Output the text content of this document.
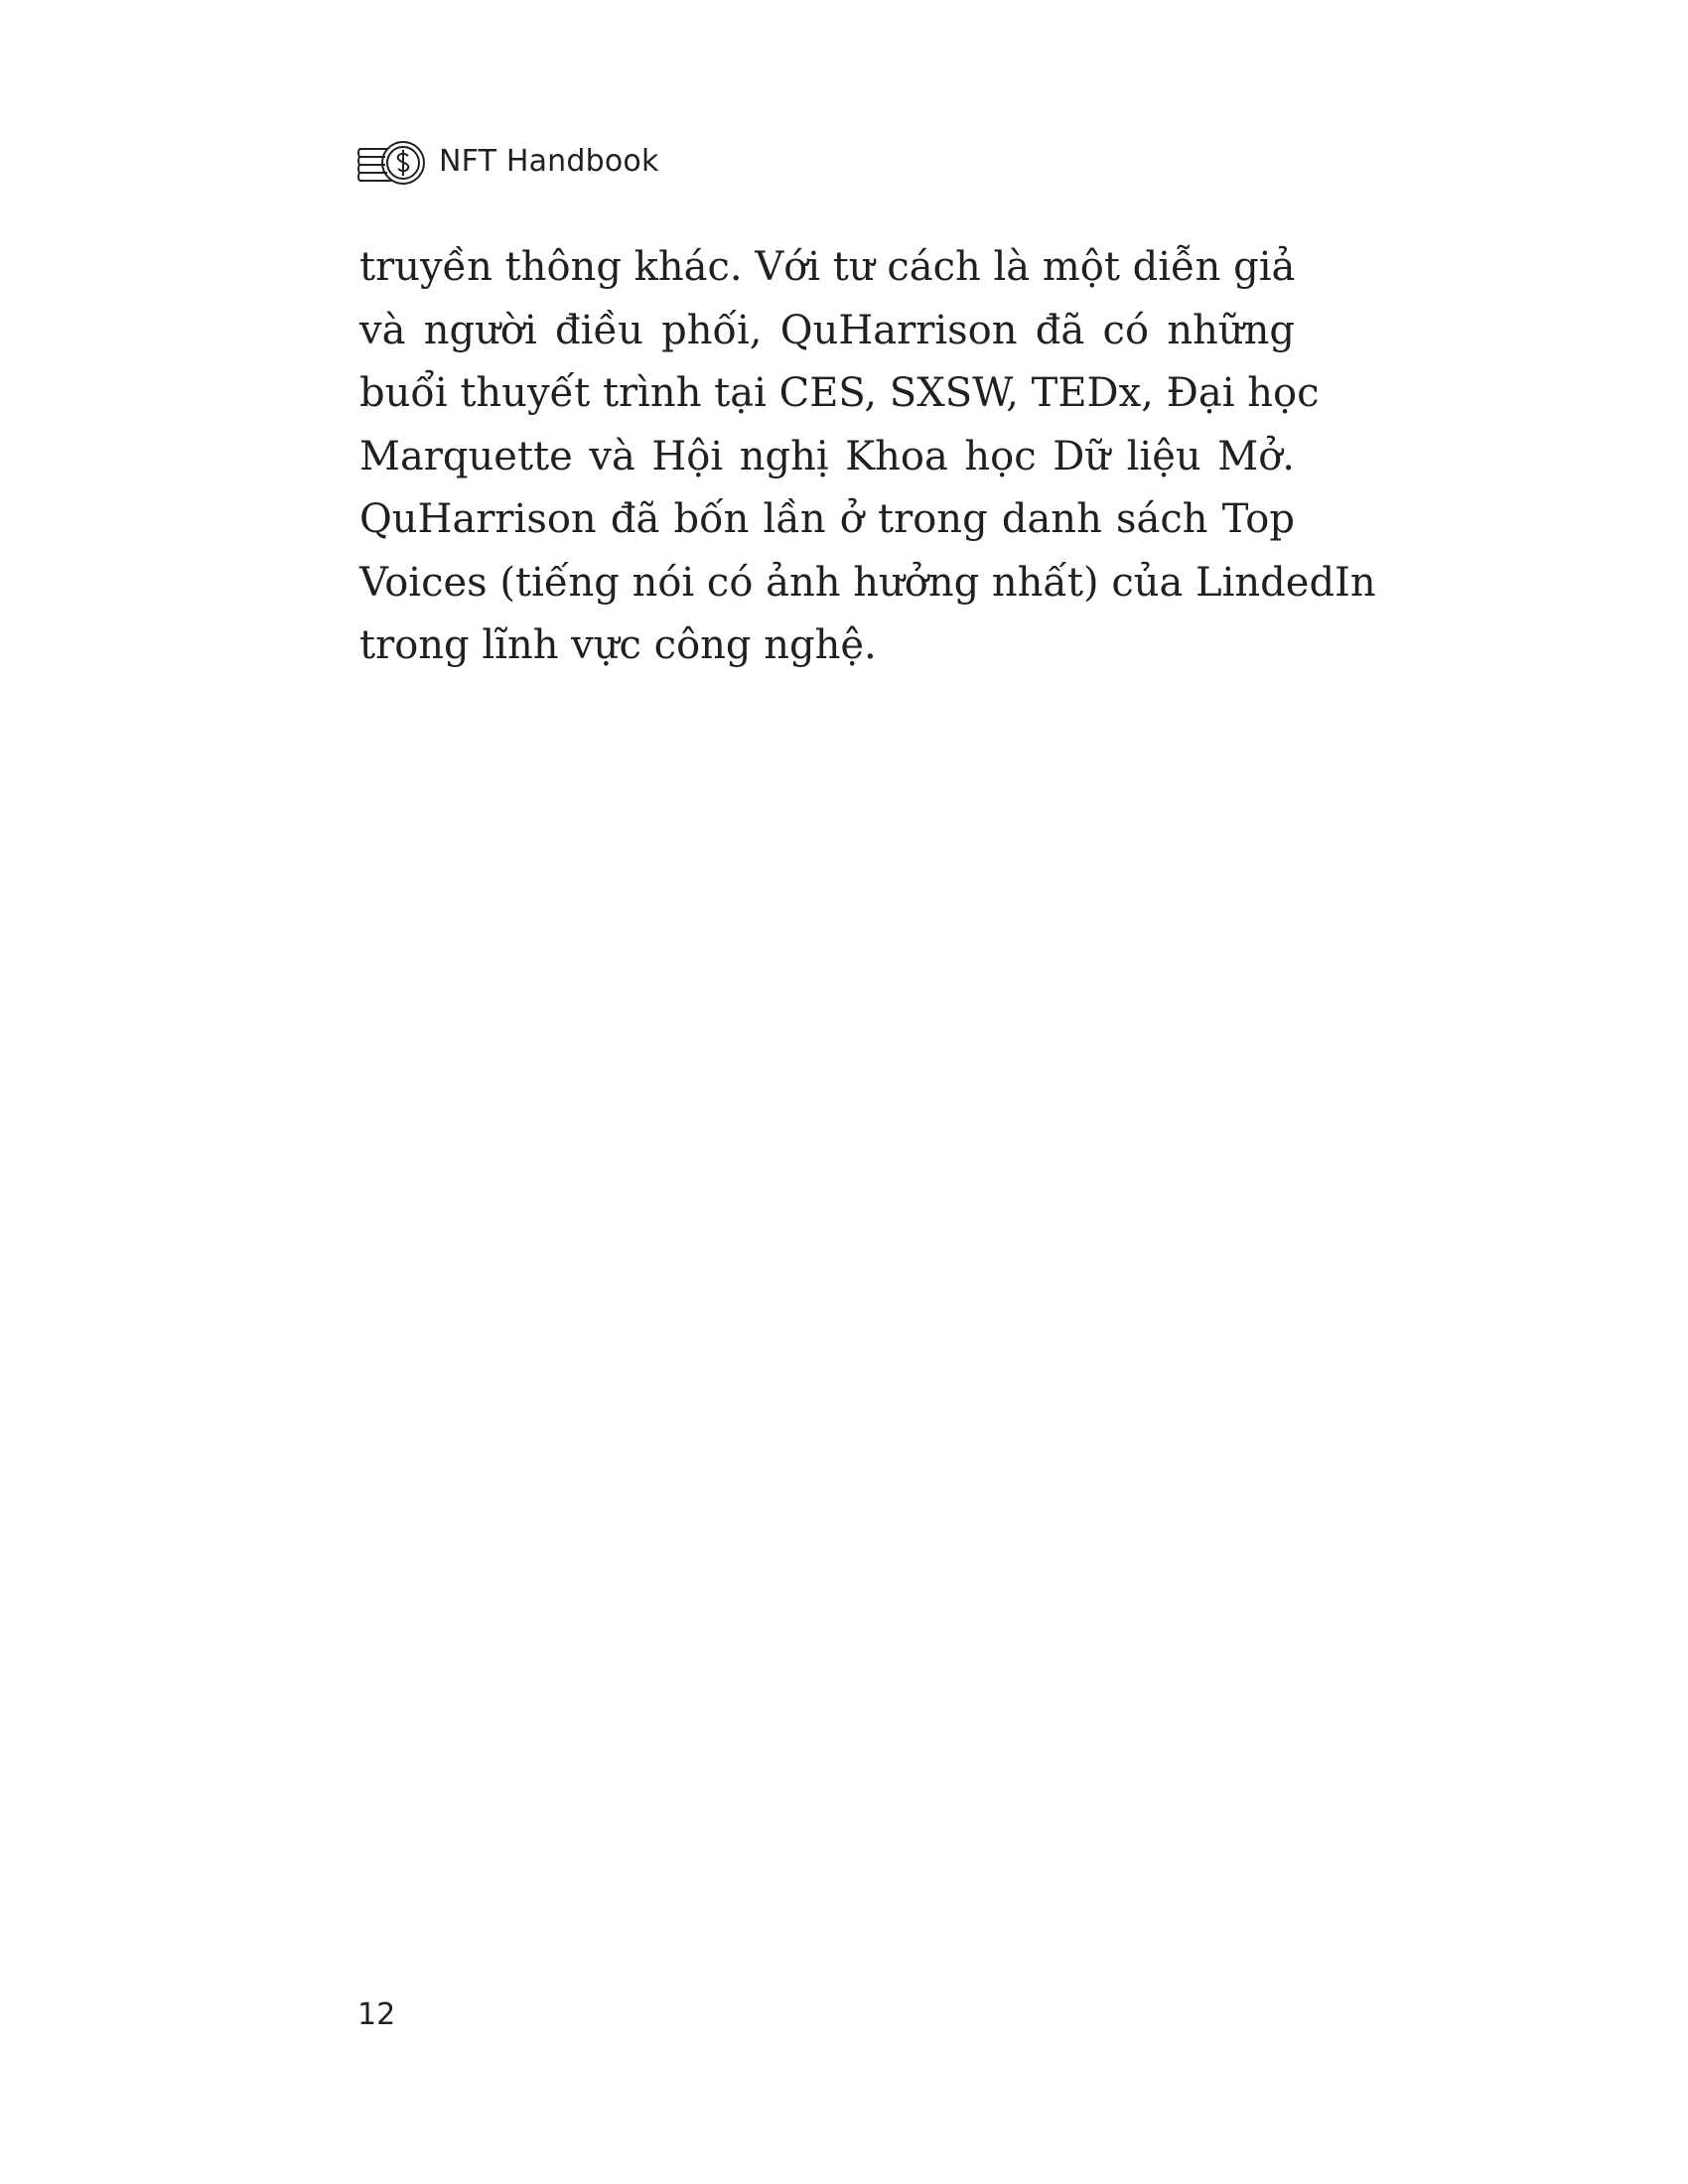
NFT Handbook

truyền thông khác. Với tư cách là một diễn giả
và người điều phối, QuHarrison đã có những
buổi thuyết trình tại CES, SXSW, TEDx, Đại học
Marquette và Hội nghị Khoa học Dữ liệu Mở.
QuHarrison đã bốn lần ở trong danh sách Top
Voices (tiếng nói có ảnh hưởng nhất) của LindedIn
trong lĩnh vực công nghệ.

12
